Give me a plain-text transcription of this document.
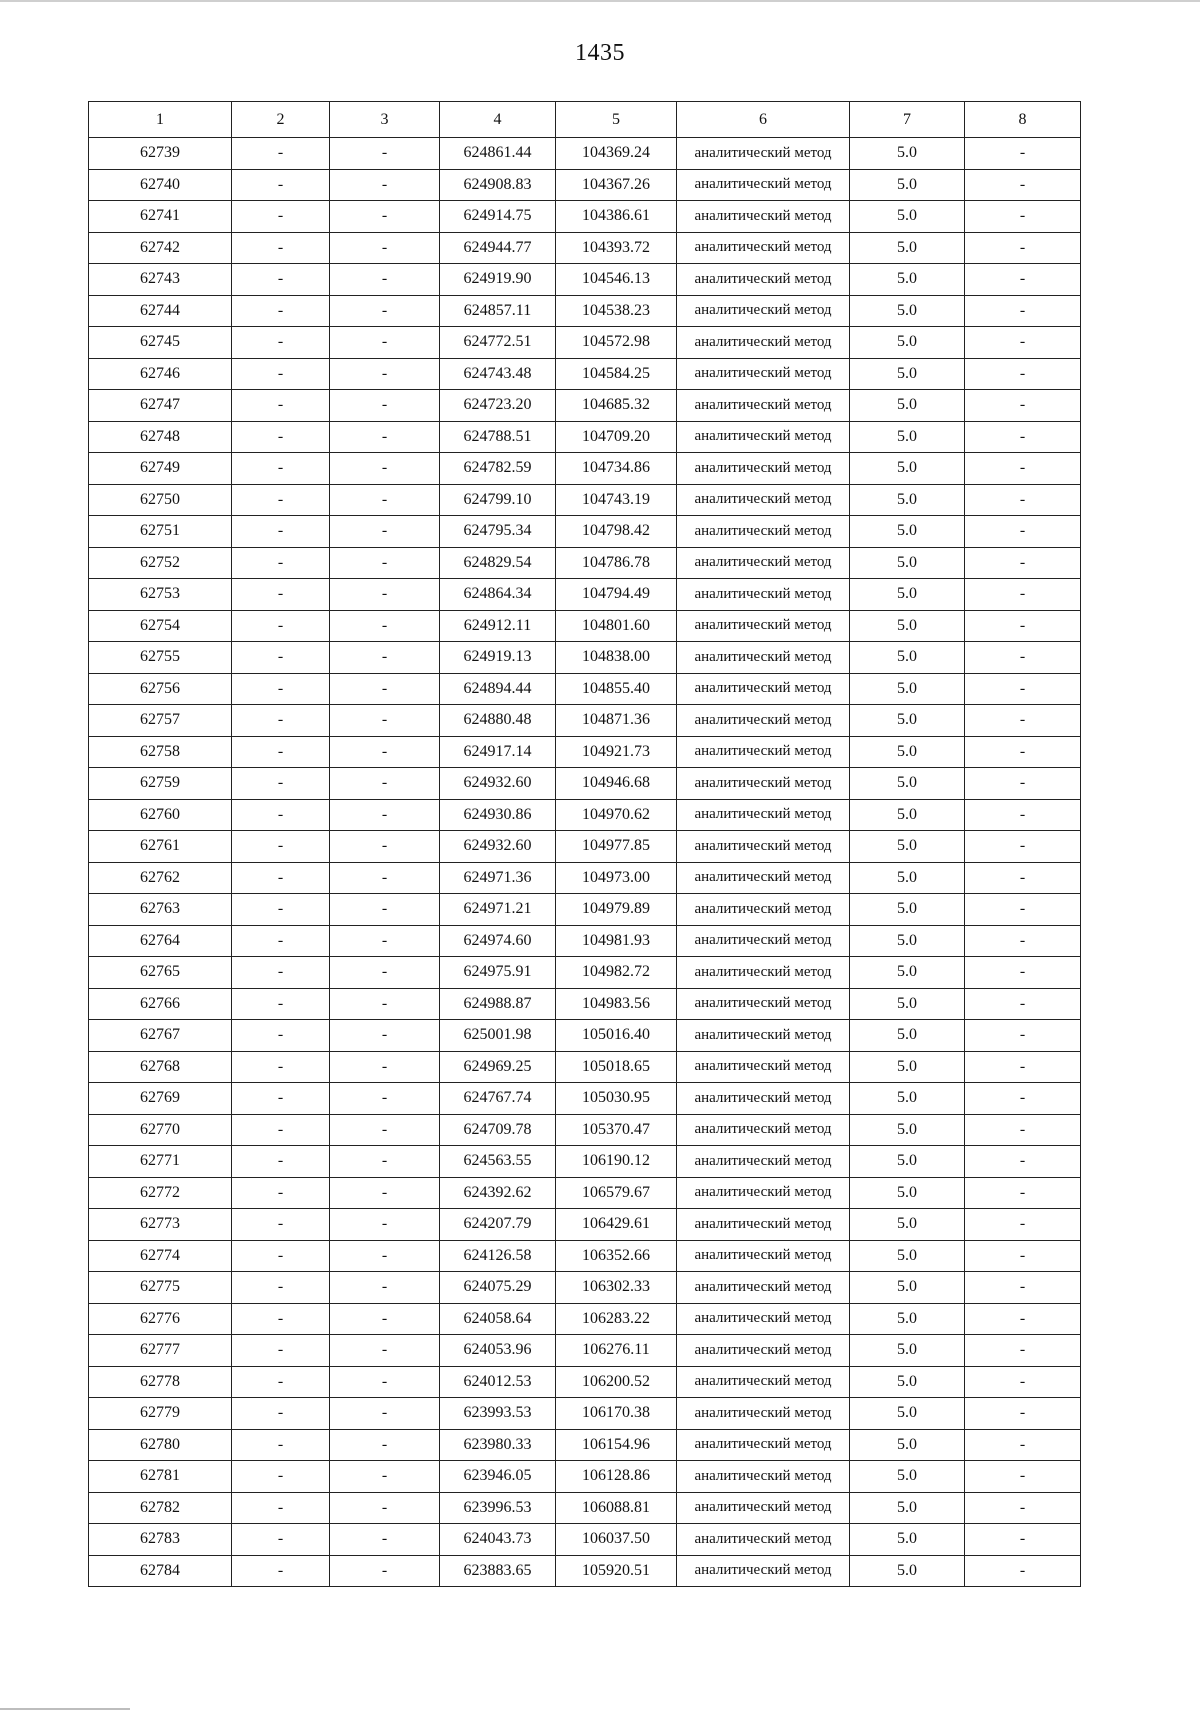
1435
1	2	3	4	5	6	7	8
62739	-	-	624861.44	104369.24	аналитический метод	5.0	-
62740	-	-	624908.83	104367.26	аналитический метод	5.0	-
62741	-	-	624914.75	104386.61	аналитический метод	5.0	-
62742	-	-	624944.77	104393.72	аналитический метод	5.0	-
62743	-	-	624919.90	104546.13	аналитический метод	5.0	-
62744	-	-	624857.11	104538.23	аналитический метод	5.0	-
62745	-	-	624772.51	104572.98	аналитический метод	5.0	-
62746	-	-	624743.48	104584.25	аналитический метод	5.0	-
62747	-	-	624723.20	104685.32	аналитический метод	5.0	-
62748	-	-	624788.51	104709.20	аналитический метод	5.0	-
62749	-	-	624782.59	104734.86	аналитический метод	5.0	-
62750	-	-	624799.10	104743.19	аналитический метод	5.0	-
62751	-	-	624795.34	104798.42	аналитический метод	5.0	-
62752	-	-	624829.54	104786.78	аналитический метод	5.0	-
62753	-	-	624864.34	104794.49	аналитический метод	5.0	-
62754	-	-	624912.11	104801.60	аналитический метод	5.0	-
62755	-	-	624919.13	104838.00	аналитический метод	5.0	-
62756	-	-	624894.44	104855.40	аналитический метод	5.0	-
62757	-	-	624880.48	104871.36	аналитический метод	5.0	-
62758	-	-	624917.14	104921.73	аналитический метод	5.0	-
62759	-	-	624932.60	104946.68	аналитический метод	5.0	-
62760	-	-	624930.86	104970.62	аналитический метод	5.0	-
62761	-	-	624932.60	104977.85	аналитический метод	5.0	-
62762	-	-	624971.36	104973.00	аналитический метод	5.0	-
62763	-	-	624971.21	104979.89	аналитический метод	5.0	-
62764	-	-	624974.60	104981.93	аналитический метод	5.0	-
62765	-	-	624975.91	104982.72	аналитический метод	5.0	-
62766	-	-	624988.87	104983.56	аналитический метод	5.0	-
62767	-	-	625001.98	105016.40	аналитический метод	5.0	-
62768	-	-	624969.25	105018.65	аналитический метод	5.0	-
62769	-	-	624767.74	105030.95	аналитический метод	5.0	-
62770	-	-	624709.78	105370.47	аналитический метод	5.0	-
62771	-	-	624563.55	106190.12	аналитический метод	5.0	-
62772	-	-	624392.62	106579.67	аналитический метод	5.0	-
62773	-	-	624207.79	106429.61	аналитический метод	5.0	-
62774	-	-	624126.58	106352.66	аналитический метод	5.0	-
62775	-	-	624075.29	106302.33	аналитический метод	5.0	-
62776	-	-	624058.64	106283.22	аналитический метод	5.0	-
62777	-	-	624053.96	106276.11	аналитический метод	5.0	-
62778	-	-	624012.53	106200.52	аналитический метод	5.0	-
62779	-	-	623993.53	106170.38	аналитический метод	5.0	-
62780	-	-	623980.33	106154.96	аналитический метод	5.0	-
62781	-	-	623946.05	106128.86	аналитический метод	5.0	-
62782	-	-	623996.53	106088.81	аналитический метод	5.0	-
62783	-	-	624043.73	106037.50	аналитический метод	5.0	-
62784	-	-	623883.65	105920.51	аналитический метод	5.0	-
